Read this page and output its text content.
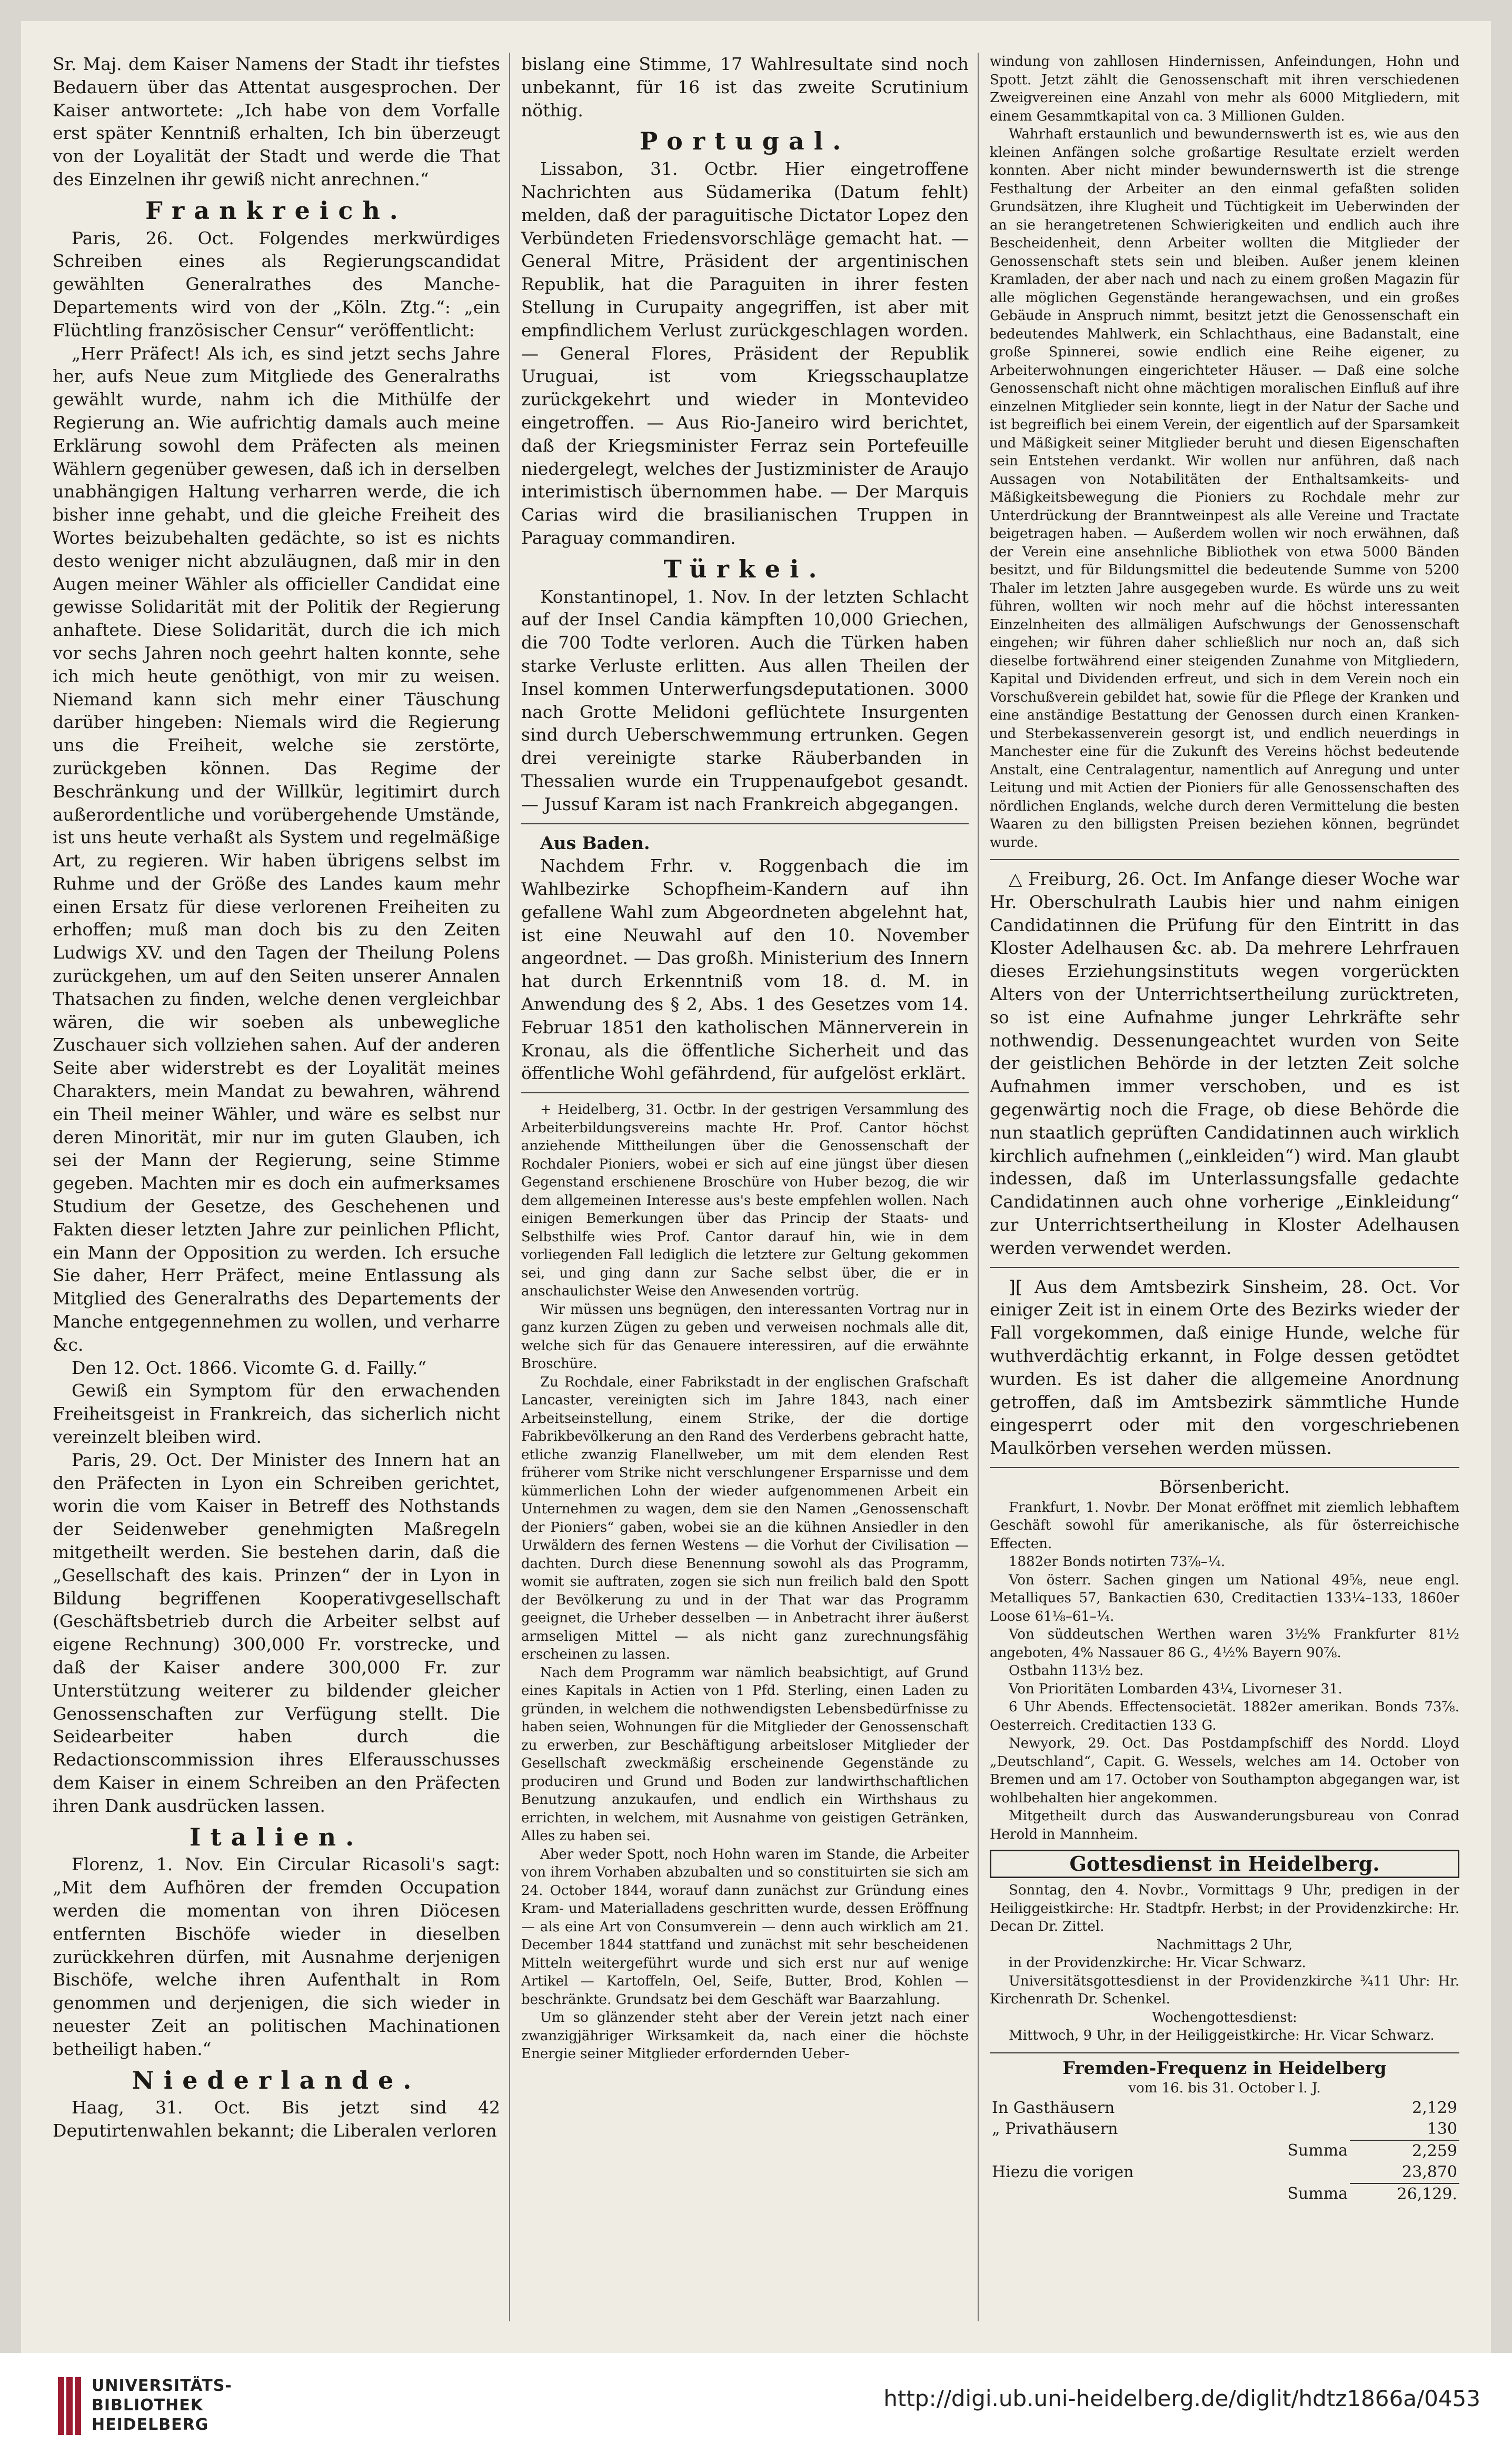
Sr. Maj. dem Kaiser Namens der Stadt ihr tiefstes Bedauern über das Attentat ausgesprochen. Der Kaiser antwortete: „Ich habe von dem Vorfalle erst später Kenntniß erhalten, Ich bin überzeugt von der Loyalität der Stadt und werde die That des Einzelnen ihr gewiß nicht anrechnen.“

Frankreich.

Paris, 26. Oct. Folgendes merkwürdiges Schreiben eines als Regierungscandidat gewählten Generalrathes des Manche-Departements wird von der „Köln. Ztg.“: „ein Flüchtling französischer Censur“ veröffentlicht:

„Herr Präfect! Als ich, es sind jetzt sechs Jahre her, aufs Neue zum Mitgliede des Generalraths gewählt wurde, nahm ich die Mithülfe der Regierung an. Wie aufrichtig damals auch meine Erklärung sowohl dem Präfecten als meinen Wählern gegenüber gewesen, daß ich in derselben unabhängigen Haltung verharren werde, die ich bisher inne gehabt, und die gleiche Freiheit des Wortes beizubehalten gedächte, so ist es nichts desto weniger nicht abzuläugnen, daß mir in den Augen meiner Wähler als officieller Candidat eine gewisse Solidarität mit der Politik der Regierung anhaftete. Diese Solidarität, durch die ich mich vor sechs Jahren noch geehrt halten konnte, sehe ich mich heute genöthigt, von mir zu weisen. Niemand kann sich mehr einer Täuschung darüber hingeben: Niemals wird die Regierung uns die Freiheit, welche sie zerstörte, zurückgeben können. Das Regime der Beschränkung und der Willkür, legitimirt durch außerordentliche und vorübergehende Umstände, ist uns heute verhaßt als System und regelmäßige Art, zu regieren. Wir haben übrigens selbst im Ruhme und der Größe des Landes kaum mehr einen Ersatz für diese verlorenen Freiheiten zu erhoffen; muß man doch bis zu den Zeiten Ludwigs XV. und den Tagen der Theilung Polens zurückgehen, um auf den Seiten unserer Annalen Thatsachen zu finden, welche denen vergleichbar wären, die wir soeben als unbewegliche Zuschauer sich vollziehen sahen. Auf der anderen Seite aber widerstrebt es der Loyalität meines Charakters, mein Mandat zu bewahren, während ein Theil meiner Wähler, und wäre es selbst nur deren Minorität, mir nur im guten Glauben, ich sei der Mann der Regierung, seine Stimme gegeben. Machten mir es doch ein aufmerksames Studium der Gesetze, des Geschehenen und Fakten dieser letzten Jahre zur peinlichen Pflicht, ein Mann der Opposition zu werden. Ich ersuche Sie daher, Herr Präfect, meine Entlassung als Mitglied des Generalraths des Departements der Manche entgegennehmen zu wollen, und verharre &c.

Den 12. Oct. 1866. Vicomte G. d. Failly.“

Gewiß ein Symptom für den erwachenden Freiheitsgeist in Frankreich, das sicherlich nicht vereinzelt bleiben wird.

Paris, 29. Oct. Der Minister des Innern hat an den Präfecten in Lyon ein Schreiben gerichtet, worin die vom Kaiser in Betreff des Nothstands der Seidenweber genehmigten Maßregeln mitgetheilt werden. Sie bestehen darin, daß die „Gesellschaft des kais. Prinzen“ der in Lyon in Bildung begriffenen Kooperativgesellschaft (Geschäftsbetrieb durch die Arbeiter selbst auf eigene Rechnung) 300,000 Fr. vorstrecke, und daß der Kaiser andere 300,000 Fr. zur Unterstützung weiterer zu bildender gleicher Genossenschaften zur Verfügung stellt. Die Seidearbeiter haben durch die Redactionscommission ihres Elferausschusses dem Kaiser in einem Schreiben an den Präfecten ihren Dank ausdrücken lassen.

Italien.

Florenz, 1. Nov. Ein Circular Ricasoli's sagt: „Mit dem Aufhören der fremden Occupation werden die momentan von ihren Diöcesen entfernten Bischöfe wieder in dieselben zurückkehren dürfen, mit Ausnahme derjenigen Bischöfe, welche ihren Aufenthalt in Rom genommen und derjenigen, die sich wieder in neuester Zeit an politischen Machinationen betheiligt haben.“

Niederlande.

Haag, 31. Oct. Bis jetzt sind 42 Deputirtenwahlen bekannt; die Liberalen verloren

bislang eine Stimme, 17 Wahlresultate sind noch unbekannt, für 16 ist das zweite Scrutinium nöthig.

Portugal.

Lissabon, 31. Octbr. Hier eingetroffene Nachrichten aus Südamerika (Datum fehlt) melden, daß der paraguitische Dictator Lopez den Verbündeten Friedensvorschläge gemacht hat. — General Mitre, Präsident der argentinischen Republik, hat die Paraguiten in ihrer festen Stellung in Curupaity angegriffen, ist aber mit empfindlichem Verlust zurückgeschlagen worden. — General Flores, Präsident der Republik Uruguai, ist vom Kriegsschauplatze zurückgekehrt und wieder in Montevideo eingetroffen. — Aus Rio-Janeiro wird berichtet, daß der Kriegsminister Ferraz sein Portefeuille niedergelegt, welches der Justizminister de Araujo interimistisch übernommen habe. — Der Marquis Carias wird die brasilianischen Truppen in Paraguay commandiren.

Türkei.

Konstantinopel, 1. Nov. In der letzten Schlacht auf der Insel Candia kämpften 10,000 Griechen, die 700 Todte verloren. Auch die Türken haben starke Verluste erlitten. Aus allen Theilen der Insel kommen Unterwerfungsdeputationen. 3000 nach Grotte Melidoni geflüchtete Insurgenten sind durch Ueberschwemmung ertrunken. Gegen drei vereinigte starke Räuberbanden in Thessalien wurde ein Truppenaufgebot gesandt. — Jussuf Karam ist nach Frankreich abgegangen.

Aus Baden.

Nachdem Frhr. v. Roggenbach die im Wahlbezirke Schopfheim-Kandern auf ihn gefallene Wahl zum Abgeordneten abgelehnt hat, ist eine Neuwahl auf den 10. November angeordnet. — Das großh. Ministerium des Innern hat durch Erkenntniß vom 18. d. M. in Anwendung des § 2, Abs. 1 des Gesetzes vom 14. Februar 1851 den katholischen Männerverein in Kronau, als die öffentliche Sicherheit und das öffentliche Wohl gefährdend, für aufgelöst erklärt.

+ Heidelberg, 31. Octbr. In der gestrigen Versammlung des Arbeiterbildungsvereins machte Hr. Prof. Cantor höchst anziehende Mittheilungen über die Genossenschaft der Rochdaler Pioniers, wobei er sich auf eine jüngst über diesen Gegenstand erschienene Broschüre von Huber bezog, die wir dem allgemeinen Interesse aus's beste empfehlen wollen. Nach einigen Bemerkungen über das Princip der Staats- und Selbsthilfe wies Prof. Cantor darauf hin, wie in dem vorliegenden Fall lediglich die letztere zur Geltung gekommen sei, und ging dann zur Sache selbst über, die er in anschaulichster Weise den Anwesenden vortrüg.

Wir müssen uns begnügen, den interessanten Vortrag nur in ganz kurzen Zügen zu geben und verweisen nochmals alle dit, welche sich für das Genauere interessiren, auf die erwähnte Broschüre.

Zu Rochdale, einer Fabrikstadt in der englischen Grafschaft Lancaster, vereinigten sich im Jahre 1843, nach einer Arbeitseinstellung, einem Strike, der die dortige Fabrikbevölkerung an den Rand des Verderbens gebracht hatte, etliche zwanzig Flanellweber, um mit dem elenden Rest früherer vom Strike nicht verschlungener Ersparnisse und dem kümmerlichen Lohn der wieder aufgenommenen Arbeit ein Unternehmen zu wagen, dem sie den Namen „Genossenschaft der Pioniers“ gaben, wobei sie an die kühnen Ansiedler in den Urwäldern des fernen Westens — die Vorhut der Civilisation — dachten. Durch diese Benennung sowohl als das Programm, womit sie auftraten, zogen sie sich nun freilich bald den Spott der Bevölkerung zu und in der That war das Programm geeignet, die Urheber desselben — in Anbetracht ihrer äußerst armseligen Mittel — als nicht ganz zurechnungsfähig erscheinen zu lassen.

Nach dem Programm war nämlich beabsichtigt, auf Grund eines Kapitals in Actien von 1 Pfd. Sterling, einen Laden zu gründen, in welchem die nothwendigsten Lebensbedürfnisse zu haben seien, Wohnungen für die Mitglieder der Genossenschaft zu erwerben, zur Beschäftigung arbeitsloser Mitglieder der Gesellschaft zweckmäßig erscheinende Gegenstände zu produciren und Grund und Boden zur landwirthschaftlichen Benutzung anzukaufen, und endlich ein Wirthshaus zu errichten, in welchem, mit Ausnahme von geistigen Getränken, Alles zu haben sei.

Aber weder Spott, noch Hohn waren im Stande, die Arbeiter von ihrem Vorhaben abzubalten und so constituirten sie sich am 24. October 1844, worauf dann zunächst zur Gründung eines Kram- und Materialladens geschritten wurde, dessen Eröffnung — als eine Art von Consumverein — denn auch wirklich am 21. December 1844 stattfand und zunächst mit sehr bescheidenen Mitteln weitergeführt wurde und sich erst nur auf wenige Artikel — Kartoffeln, Oel, Seife, Butter, Brod, Kohlen — beschränkte. Grundsatz bei dem Geschäft war Baarzahlung.

Um so glänzender steht aber der Verein jetzt nach einer zwanzigjähriger Wirksamkeit da, nach einer die höchste Energie seiner Mitglieder erfordernden Ueber-

windung von zahllosen Hindernissen, Anfeindungen, Hohn und Spott. Jetzt zählt die Genossenschaft mit ihren verschiedenen Zweigvereinen eine Anzahl von mehr als 6000 Mitgliedern, mit einem Gesammtkapital von ca. 3 Millionen Gulden.

Wahrhaft erstaunlich und bewundernswerth ist es, wie aus den kleinen Anfängen solche großartige Resultate erzielt werden konnten. Aber nicht minder bewundernswerth ist die strenge Festhaltung der Arbeiter an den einmal gefaßten soliden Grundsätzen, ihre Klugheit und Tüchtigkeit im Ueberwinden der an sie herangetretenen Schwierigkeiten und endlich auch ihre Bescheidenheit, denn Arbeiter wollten die Mitglieder der Genossenschaft stets sein und bleiben. Außer jenem kleinen Kramladen, der aber nach und nach zu einem großen Magazin für alle möglichen Gegenstände herangewachsen, und ein großes Gebäude in Anspruch nimmt, besitzt jetzt die Genossenschaft ein bedeutendes Mahlwerk, ein Schlachthaus, eine Badanstalt, eine große Spinnerei, sowie endlich eine Reihe eigener, zu Arbeiterwohnungen eingerichteter Häuser. — Daß eine solche Genossenschaft nicht ohne mächtigen moralischen Einfluß auf ihre einzelnen Mitglieder sein konnte, liegt in der Natur der Sache und ist begreiflich bei einem Verein, der eigentlich auf der Sparsamkeit und Mäßigkeit seiner Mitglieder beruht und diesen Eigenschaften sein Entstehen verdankt. Wir wollen nur anführen, daß nach Aussagen von Notabilitäten der Enthaltsamkeits- und Mäßigkeitsbewegung die Pioniers zu Rochdale mehr zur Unterdrückung der Branntweinpest als alle Vereine und Tractate beigetragen haben. — Außerdem wollen wir noch erwähnen, daß der Verein eine ansehnliche Bibliothek von etwa 5000 Bänden besitzt, und für Bildungsmittel die bedeutende Summe von 5200 Thaler im letzten Jahre ausgegeben wurde. Es würde uns zu weit führen, wollten wir noch mehr auf die höchst interessanten Einzelnheiten des allmäligen Aufschwungs der Genossenschaft eingehen; wir führen daher schließlich nur noch an, daß sich dieselbe fortwährend einer steigenden Zunahme von Mitgliedern, Kapital und Dividenden erfreut, und sich in dem Verein noch ein Vorschußverein gebildet hat, sowie für die Pflege der Kranken und eine anständige Bestattung der Genossen durch einen Kranken- und Sterbekassenverein gesorgt ist, und endlich neuerdings in Manchester eine für die Zukunft des Vereins höchst bedeutende Anstalt, eine Centralagentur, namentlich auf Anregung und unter Leitung und mit Actien der Pioniers für alle Genossenschaften des nördlichen Englands, welche durch deren Vermittelung die besten Waaren zu den billigsten Preisen beziehen können, begründet wurde.

△ Freiburg, 26. Oct. Im Anfange dieser Woche war Hr. Oberschulrath Laubis hier und nahm einigen Candidatinnen die Prüfung für den Eintritt in das Kloster Adelhausen &c. ab. Da mehrere Lehrfrauen dieses Erziehungsinstituts wegen vorgerückten Alters von der Unterrichtsertheilung zurücktreten, so ist eine Aufnahme junger Lehrkräfte sehr nothwendig. Dessenungeachtet wurden von Seite der geistlichen Behörde in der letzten Zeit solche Aufnahmen immer verschoben, und es ist gegenwärtig noch die Frage, ob diese Behörde die nun staatlich geprüften Candidatinnen auch wirklich kirchlich aufnehmen („einkleiden“) wird. Man glaubt indessen, daß im Unterlassungsfalle gedachte Candidatinnen auch ohne vorherige „Einkleidung“ zur Unterrichtsertheilung in Kloster Adelhausen werden verwendet werden.

][ Aus dem Amtsbezirk Sinsheim, 28. Oct. Vor einiger Zeit ist in einem Orte des Bezirks wieder der Fall vorgekommen, daß einige Hunde, welche für wuthverdächtig erkannt, in Folge dessen getödtet wurden. Es ist daher die allgemeine Anordnung getroffen, daß im Amtsbezirk sämmtliche Hunde eingesperrt oder mit den vorgeschriebenen Maulkörben versehen werden müssen.

Börsenbericht.

Frankfurt, 1. Novbr. Der Monat eröffnet mit ziemlich lebhaftem Geschäft sowohl für amerikanische, als für österreichische Effecten.

1882er Bonds notirten 73⅞–¼.

Von österr. Sachen gingen um National 49⅝, neue engl. Metalliques 57, Bankactien 630, Creditactien 133¼–133, 1860er Loose 61⅛–61–¼.

Von süddeutschen Werthen waren 3½% Frankfurter 81½ angeboten, 4% Nassauer 86 G., 4½% Bayern 90⅞.

Ostbahn 113½ bez.

Von Prioritäten Lombarden 43¼, Livorneser 31.

6 Uhr Abends. Effectensocietät. 1882er amerikan. Bonds 73⅞. Oesterreich. Creditactien 133 G.

Newyork, 29. Oct. Das Postdampfschiff des Nordd. Lloyd „Deutschland“, Capit. G. Wessels, welches am 14. October von Bremen und am 17. October von Southampton abgegangen war, ist wohlbehalten hier angekommen.

Mitgetheilt durch das Auswanderungsbureau von Conrad Herold in Mannheim.

Gottesdienst in Heidelberg.

Sonntag, den 4. Novbr., Vormittags 9 Uhr, predigen in der Heiliggeistkirche: Hr. Stadtpfr. Herbst; in der Providenzkirche: Hr. Decan Dr. Zittel.

Nachmittags 2 Uhr,

in der Providenzkirche: Hr. Vicar Schwarz.

Universitätsgottesdienst in der Providenzkirche ¾11 Uhr: Hr. Kirchenrath Dr. Schenkel.

Wochengottesdienst:

Mittwoch, 9 Uhr, in der Heiliggeistkirche: Hr. Vicar Schwarz.

Fremden-Frequenz in Heidelberg

vom 16. bis 31. October l. J.

In Gasthäusern	2,129
„ Privathäusern	130
Summa	2,259
Hiezu die vorigen	23,870
Summa	26,129.
UNIVERSITÄTS-
BIBLIOTHEK
HEIDELBERG
http://digi.ub.uni-heidelberg.de/diglit/hdtz1866a/0453
